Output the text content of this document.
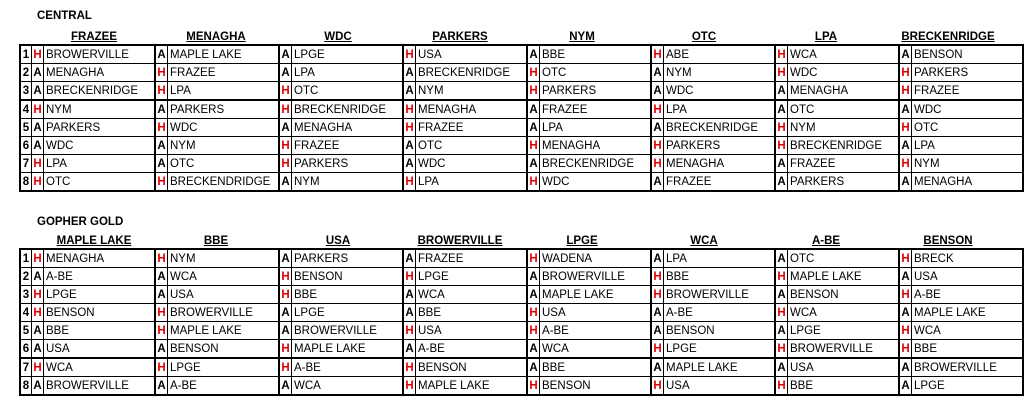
CENTRAL
FRAZEE	MENAGHA	WDC	PARKERS	NYM	OTC	LPA	BRECKENRIDGE
1	H	BROWERVILLE	A	MAPLE LAKE	A	LPGE	H	USA	A	BBE	H	ABE	H	WCA	A	BENSON
2	A	MENAGHA	H	FRAZEE	A	LPA	A	BRECKENRIDGE	H	OTC	A	NYM	H	WDC	H	PARKERS
3	A	BRECKENRIDGE	H	LPA	H	OTC	A	NYM	H	PARKERS	A	WDC	A	MENAGHA	H	FRAZEE
4	H	NYM	A	PARKERS	H	BRECKENRIDGE	H	MENAGHA	A	FRAZEE	H	LPA	A	OTC	A	WDC
5	A	PARKERS	H	WDC	A	MENAGHA	H	FRAZEE	A	LPA	A	BRECKENRIDGE	H	NYM	H	OTC
6	A	WDC	A	NYM	H	FRAZEE	A	OTC	H	MENAGHA	H	PARKERS	H	BRECKENRIDGE	A	LPA
7	H	LPA	A	OTC	H	PARKERS	A	WDC	A	BRECKENRIDGE	H	MENAGHA	A	FRAZEE	H	NYM
8	H	OTC	H	BRECKENDRIDGE	A	NYM	H	LPA	H	WDC	A	FRAZEE	A	PARKERS	A	MENAGHA
GOPHER GOLD
MAPLE LAKE	BBE	USA	BROWERVILLE	LPGE	WCA	A-BE	BENSON
1	H	MENAGHA	H	NYM	A	PARKERS	A	FRAZEE	H	WADENA	A	LPA	A	OTC	H	BRECK
2	A	A-BE	A	WCA	H	BENSON	H	LPGE	A	BROWERVILLE	H	BBE	H	MAPLE LAKE	A	USA
3	H	LPGE	A	USA	H	BBE	A	WCA	A	MAPLE LAKE	H	BROWERVILLE	A	BENSON	H	A-BE
4	H	BENSON	H	BROWERVILLE	A	LPGE	A	BBE	H	USA	A	A-BE	H	WCA	A	MAPLE LAKE
5	A	BBE	H	MAPLE LAKE	A	BROWERVILLE	H	USA	H	A-BE	A	BENSON	A	LPGE	H	WCA
6	A	USA	A	BENSON	H	MAPLE LAKE	A	A-BE	A	WCA	H	LPGE	H	BROWERVILLE	H	BBE
7	H	WCA	H	LPGE	H	A-BE	H	BENSON	A	BBE	A	MAPLE LAKE	A	USA	A	BROWERVILLE
8	A	BROWERVILLE	A	A-BE	A	WCA	H	MAPLE LAKE	H	BENSON	H	USA	H	BBE	A	LPGE
